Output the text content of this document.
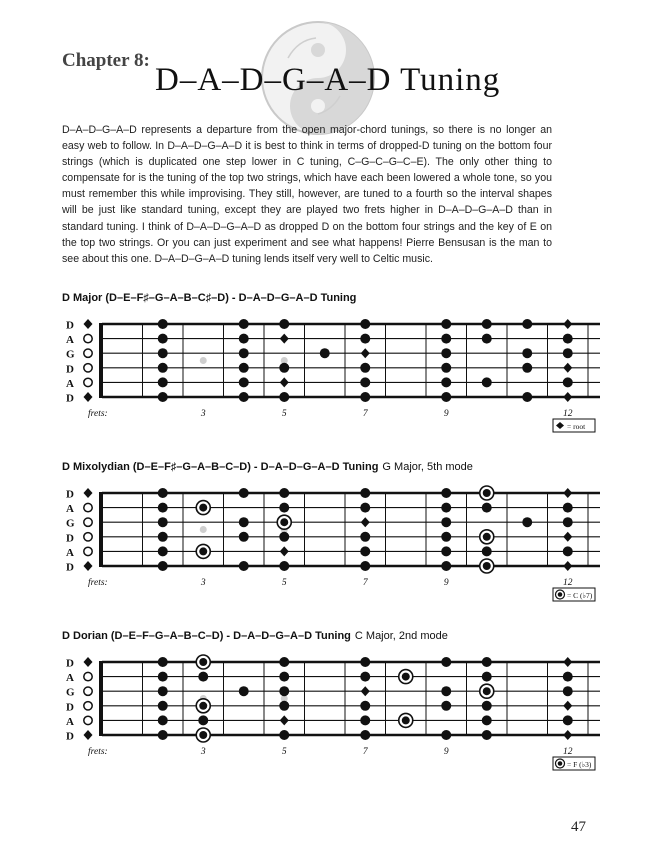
Chapter 8:
D–A–D–G–A–D Tuning
D–A–D–G–A–D represents a departure from the open major-chord tunings, so there is no longer an easy web to follow. In D–A–D–G–A–D it is best to think in terms of dropped-D tuning on the bottom four strings (which is duplicated one step lower in C tuning, C–G–C–G–C–E). The only other thing to compensate for is the tuning of the top two strings, which have each been lowered a whole tone, so you must remember this while improvising. They still, however, are tuned to a fourth so the interval shapes will be just like standard tuning, except they are played two frets higher in D–A–D–G–A–D than in standard tuning. I think of D–A–D–G–A–D as dropped D on the bottom four strings and the key of E on the top two strings. Or you can just experiment and see what happens! Pierre Bensusan is the man to see about this one. D–A–D–G–A–D tuning lends itself very well to Celtic music.
D Major (D–E–F♯–G–A–B–C♯–D) - D–A–D–G–A–D Tuning
D
A
G
D
A
D
frets:	3	5	7	9	12
= root
D Mixolydian (D–E–F♯–G–A–B–C–D) - D–A–D–G–A–D Tuning G Major, 5th mode
D
A
G
D
A
D
frets:	3	5	7	9	12
= C (♭7)
D Dorian (D–E–F–G–A–B–C–D) - D–A–D–G–A–D Tuning C Major, 2nd mode
D
A
G
D
A
D
frets:	3	5	7	9	12
= F (♭3)
47
